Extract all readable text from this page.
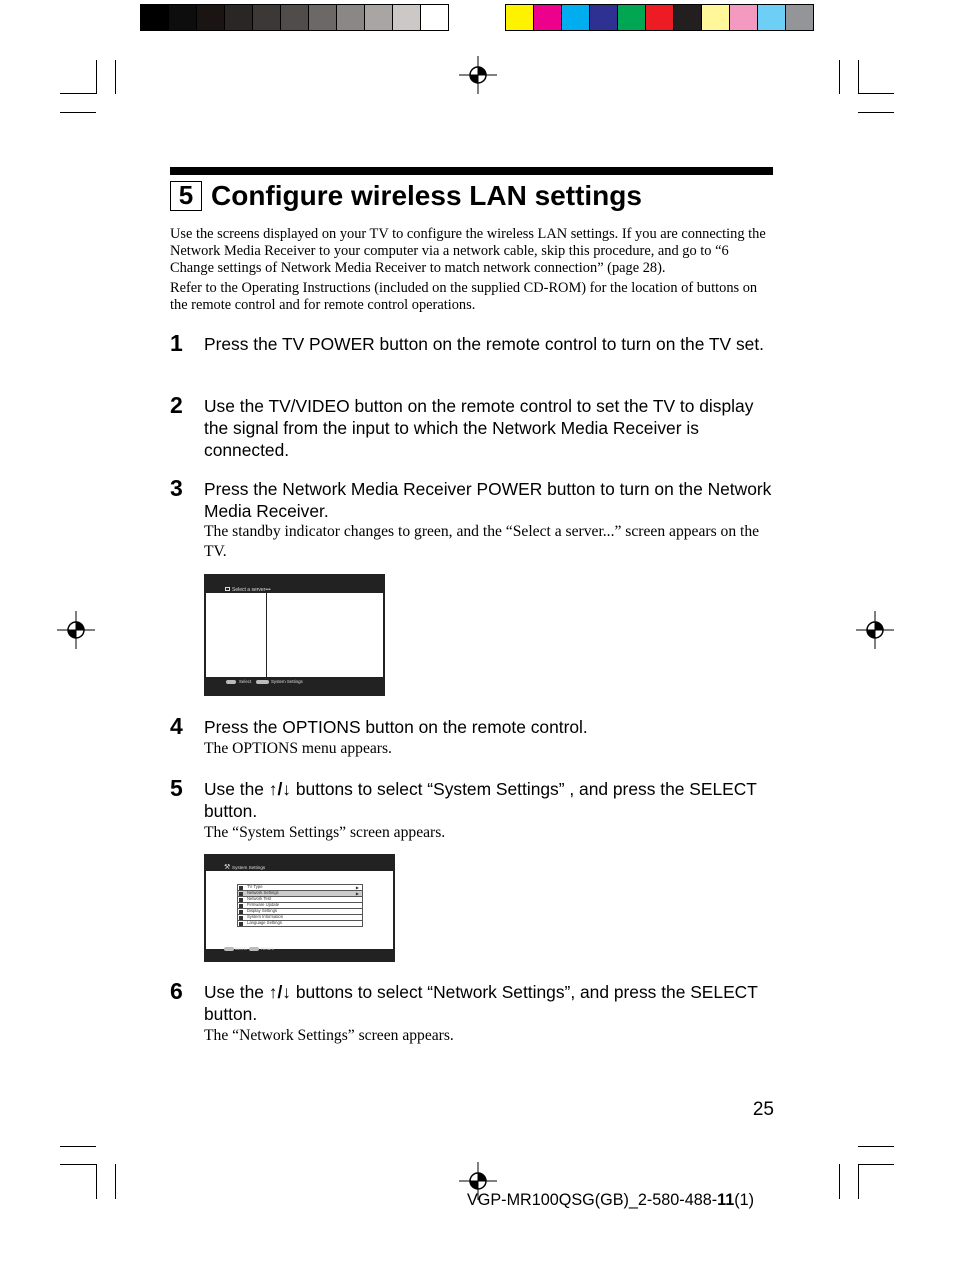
5 Configure wireless LAN settings
Use the screens displayed on your TV to configure the wireless LAN settings. If you are connecting the Network Media Receiver to your computer via a network cable, skip this procedure, and go to “6 Change settings of Network Media Receiver to match network connection” (page 28).
Refer to the Operating Instructions (included on the supplied CD-ROM) for the location of buttons on the remote control and for remote control operations.
1 Press the TV POWER button on the remote control to turn on the TV set.
2 Use the TV/VIDEO button on the remote control to set the TV to display the signal from the input to which the Network Media Receiver is connected.
3 Press the Network Media Receiver POWER button to turn on the Network Media Receiver.
The standby indicator changes to green, and the “Select a server...” screen appears on the TV.
Select a server•••
Select	System Settings
4 Press the OPTIONS button on the remote control.
The OPTIONS menu appears.
5 Use the ↑/↓ buttons to select “System Settings” , and press the SELECT button.
The “System Settings” screen appears.
⚒ System Settings
TV Type	▶
Network Settings	▶
Network Test
Firmware Update
Display Settings
System Information
Language Settings
Select	Return
6 Use the ↑/↓ buttons to select “Network Settings”, and press the SELECT button.
The “Network Settings” screen appears.
25
VGP-MR100QSG(GB)_2-580-488-11(1)
